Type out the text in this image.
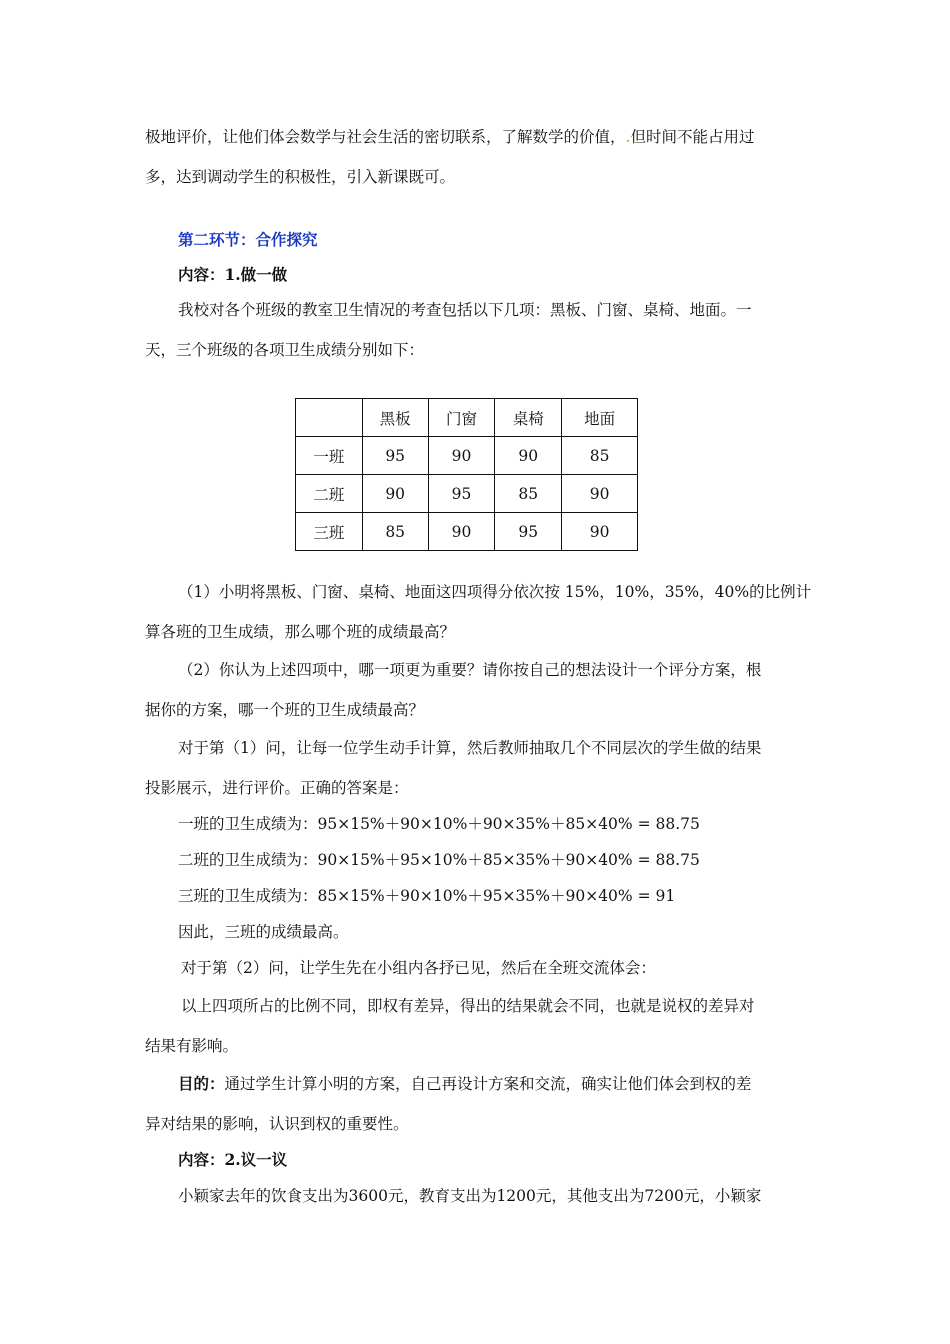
极地评价，让他们体会数学与社会生活的密切联系，了解数学的价值，.但时间不能占用过
多，达到调动学生的积极性，引入新课既可。
第二环节：合作探究
内容：1.做一做
我校对各个班级的教室卫生情况的考查包括以下几项：黑板、门窗、桌椅、地面。一
天，三个班级的各项卫生成绩分别如下：
	黑板	门窗	桌椅	地面
一班	95	90	90	85
二班	90	95	85	90
三班	85	90	95	90
（1）小明将黑板、门窗、桌椅、地面这四项得分依次按 15%，10%，35%，40%的比例计
算各班的卫生成绩，那么哪个班的成绩最高？
（2）你认为上述四项中，哪一项更为重要？请你按自己的想法设计一个评分方案，根
据你的方案，哪一个班的卫生成绩最高？
对于第（1）问，让每一位学生动手计算，然后教师抽取几个不同层次的学生做的结果
投影展示，进行评价。正确的答案是：
一班的卫生成绩为：95×15%＋90×10%＋90×35%＋85×40% = 88.75
二班的卫生成绩为：90×15%＋95×10%＋85×35%＋90×40% = 88.75
三班的卫生成绩为：85×15%＋90×10%＋95×35%＋90×40% = 91
因此，三班的成绩最高。
对于第（2）问，让学生先在小组内各抒已见，然后在全班交流体会：
以上四项所占的比例不同，即权有差异，得出的结果就会不同，也就是说权的差异对
结果有影响。
目的：通过学生计算小明的方案，自己再设计方案和交流，确实让他们体会到权的差
异对结果的影响，认识到权的重要性。
内容：2.议一议
小颖家去年的饮食支出为3600元，教育支出为1200元，其他支出为7200元，小颖家
